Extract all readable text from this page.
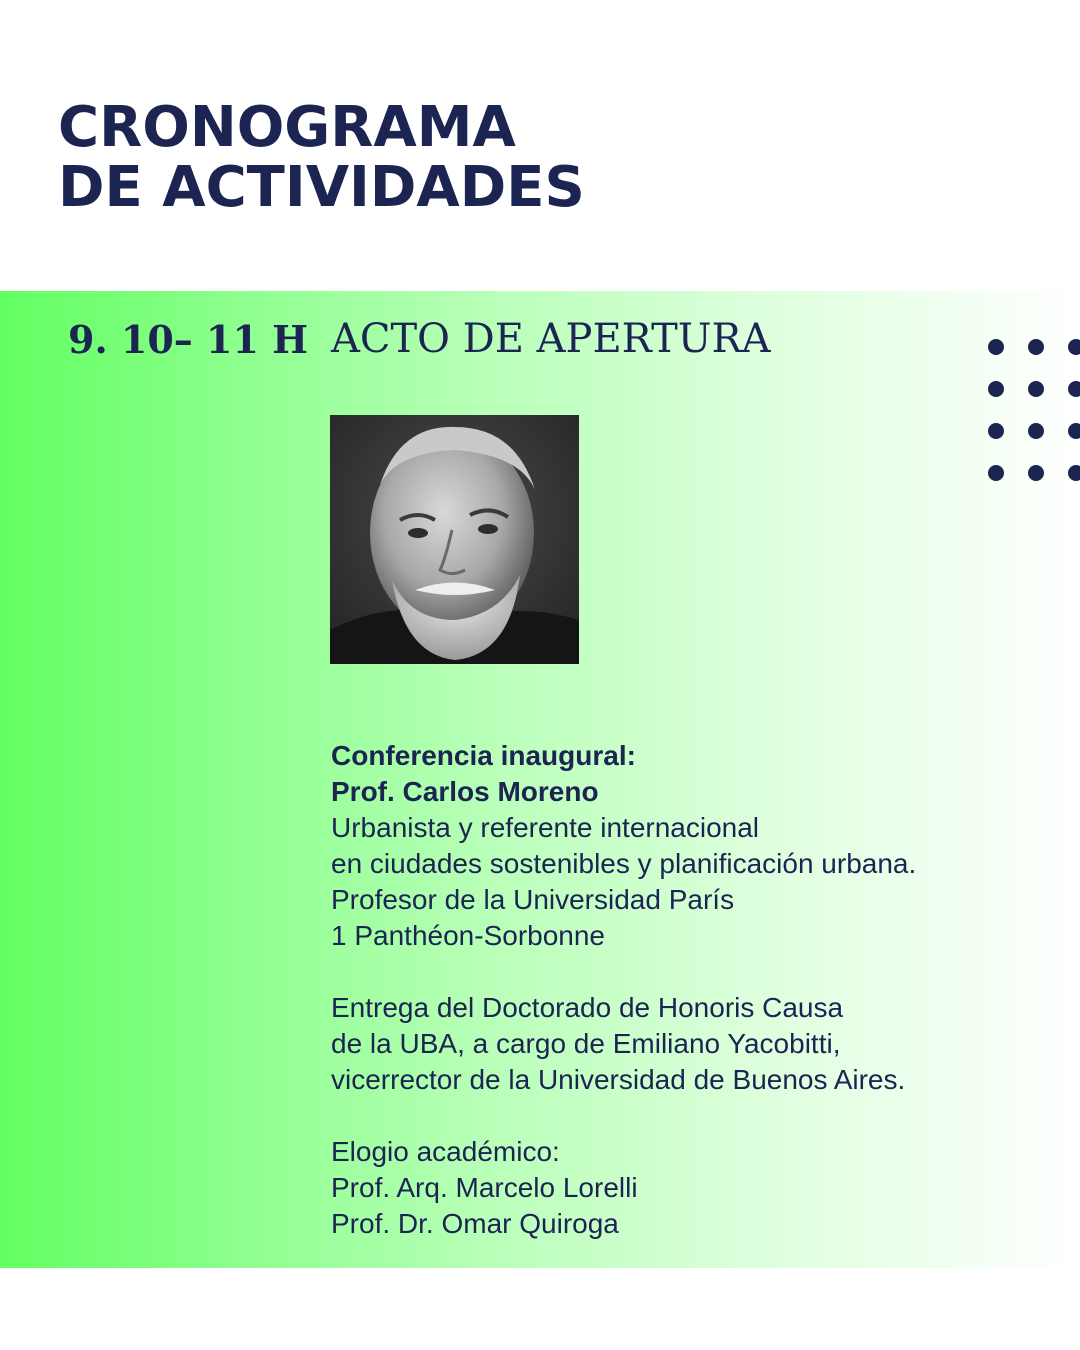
CRONOGRAMA
DE ACTIVIDADES
9. 10– 11 H ACTO DE APERTURA
Conferencia inaugural:
Prof. Carlos Moreno
Urbanista y referente internacional
en ciudades sostenibles y planificación urbana.
Profesor de la Universidad París
1 Panthéon-Sorbonne
Entrega del Doctorado de Honoris Causa
de la UBA, a cargo de Emiliano Yacobitti,
vicerrector de la Universidad de Buenos Aires.
Elogio académico:
Prof. Arq. Marcelo Lorelli
Prof. Dr. Omar Quiroga
